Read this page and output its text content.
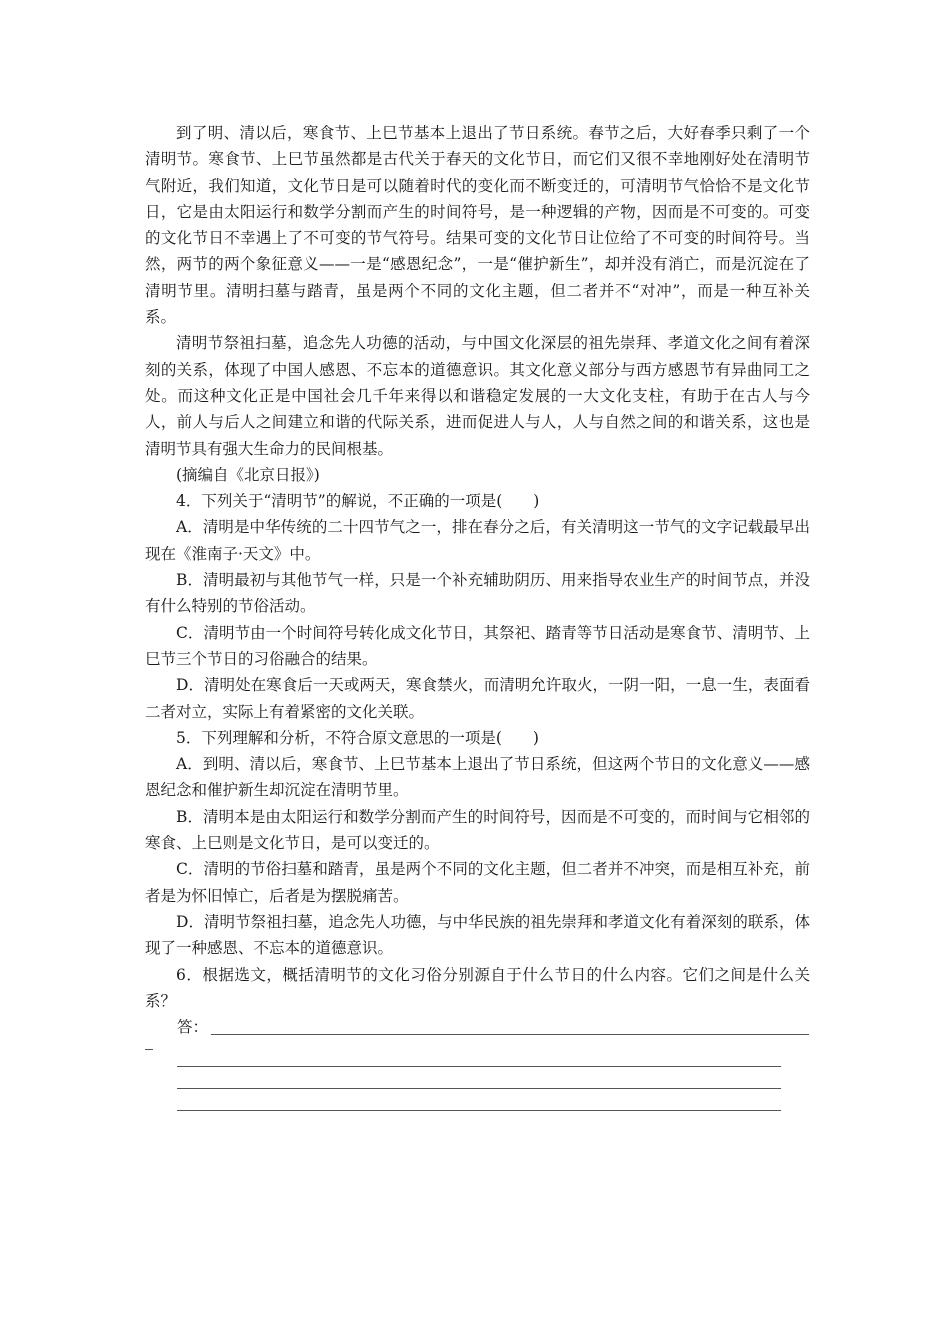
到了明、清以后，寒食节、上巳节基本上退出了节日系统。春节之后，大好春季只剩了一个清明节。寒食节、上巳节虽然都是古代关于春天的文化节日，而它们又很不幸地刚好处在清明节气附近，我们知道，文化节日是可以随着时代的变化而不断变迁的，可清明节气恰恰不是文化节日，它是由太阳运行和数学分割而产生的时间符号，是一种逻辑的产物，因而是不可变的。可变的文化节日不幸遇上了不可变的节气符号。结果可变的文化节日让位给了不可变的时间符号。当然，两节的两个象征意义——一是“感恩纪念”，一是“催护新生”，却并没有消亡，而是沉淀在了清明节里。清明扫墓与踏青，虽是两个不同的文化主题，但二者并不“对冲”，而是一种互补关系。

清明节祭祖扫墓，追念先人功德的活动，与中国文化深层的祖先崇拜、孝道文化之间有着深刻的关系，体现了中国人感恩、不忘本的道德意识。其文化意义部分与西方感恩节有异曲同工之处。而这种文化正是中国社会几千年来得以和谐稳定发展的一大文化支柱，有助于在古人与今人，前人与后人之间建立和谐的代际关系，进而促进人与人，人与自然之间的和谐关系，这也是清明节具有强大生命力的民间根基。

(摘编自《北京日报》)

4．下列关于“清明节”的解说，不正确的一项是(　　)

A．清明是中华传统的二十四节气之一，排在春分之后，有关清明这一节气的文字记载最早出现在《淮南子·天文》中。

B．清明最初与其他节气一样，只是一个补充辅助阴历、用来指导农业生产的时间节点，并没有什么特别的节俗活动。

C．清明节由一个时间符号转化成文化节日，其祭祀、踏青等节日活动是寒食节、清明节、上巳节三个节日的习俗融合的结果。

D．清明处在寒食后一天或两天，寒食禁火，而清明允许取火，一阴一阳，一息一生，表面看二者对立，实际上有着紧密的文化关联。

5．下列理解和分析，不符合原文意思的一项是(　　)

A．到明、清以后，寒食节、上巳节基本上退出了节日系统，但这两个节日的文化意义——感恩纪念和催护新生却沉淀在清明节里。

B．清明本是由太阳运行和数学分割而产生的时间符号，因而是不可变的，而时间与它相邻的寒食、上巳则是文化节日，是可以变迁的。

C．清明的节俗扫墓和踏青，虽是两个不同的文化主题，但二者并不冲突，而是相互补充，前者是为怀旧悼亡，后者是为摆脱痛苦。

D．清明节祭祖扫墓，追念先人功德，与中华民族的祖先崇拜和孝道文化有着深刻的联系，体现了一种感恩、不忘本的道德意识。

6．根据选文，概括清明节的文化习俗分别源自于什么节日的什么内容。它们之间是什么关系？

答：
